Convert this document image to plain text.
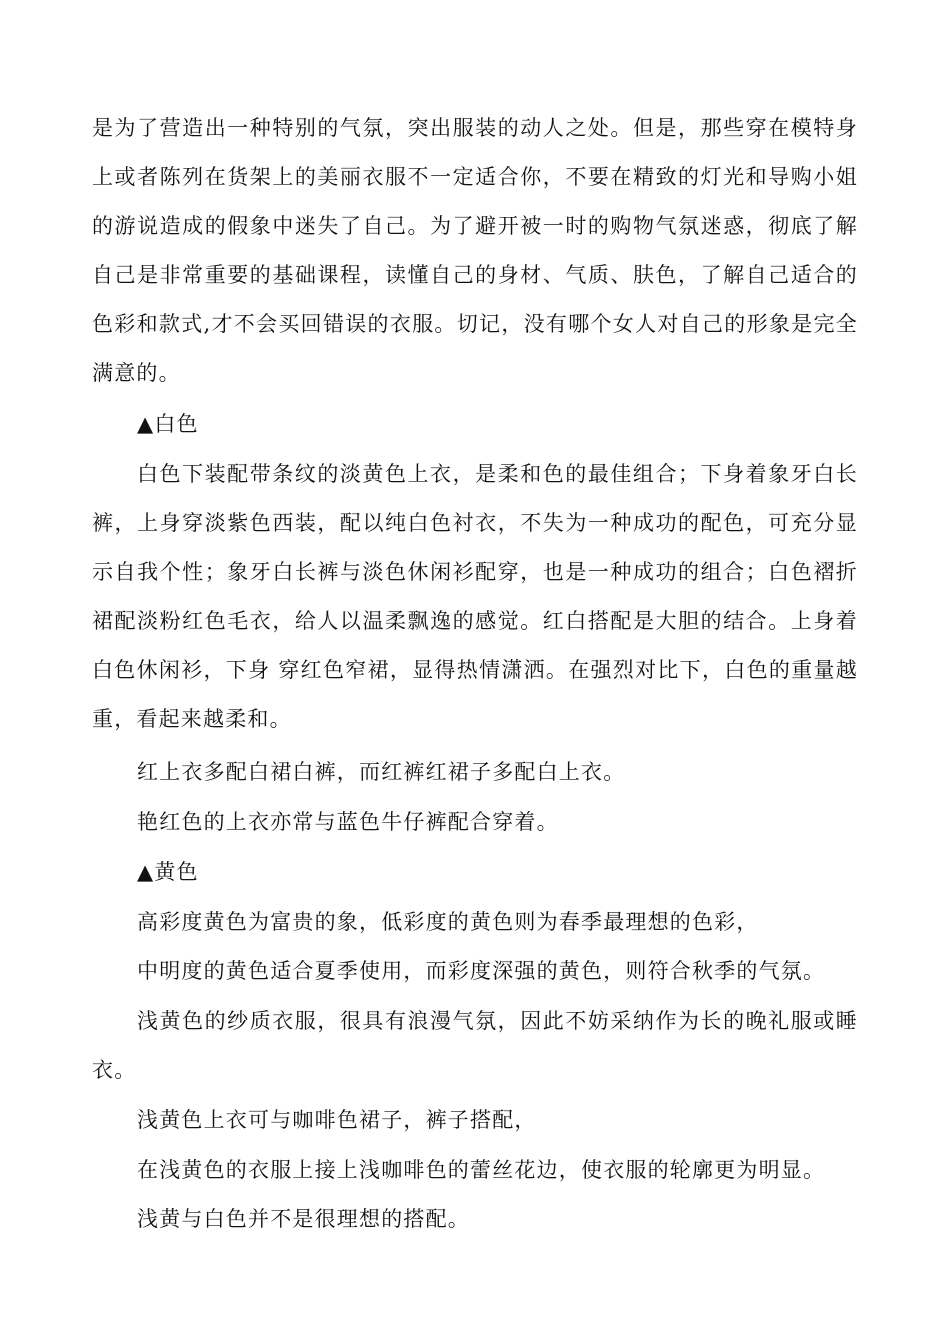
是为了营造出一种特别的气氛，突出服装的动人之处。但是，那些穿在模特身上或者陈列在货架上的美丽衣服不一定适合你，不要在精致的灯光和导购小姐的游说造成的假象中迷失了自己。为了避开被一时的购物气氛迷惑，彻底了解自己是非常重要的基础课程，读懂自己的身材、气质、肤色，了解自己适合的色彩和款式,才不会买回错误的衣服。切记，没有哪个女人对自己的形象是完全满意的。

▲白色

白色下装配带条纹的淡黄色上衣，是柔和色的最佳组合；下身着象牙白长裤，上身穿淡紫色西装，配以纯白色衬衣，不失为一种成功的配色，可充分显示自我个性；象牙白长裤与淡色休闲衫配穿，也是一种成功的组合；白色褶折裙配淡粉红色毛衣，给人以温柔飘逸的感觉。红白搭配是大胆的结合。上身着白色休闲衫，下身 穿红色窄裙，显得热情潇洒。在强烈对比下，白色的重量越重，看起来越柔和。

红上衣多配白裙白裤，而红裤红裙子多配白上衣。

艳红色的上衣亦常与蓝色牛仔裤配合穿着。

▲黄色

高彩度黄色为富贵的象，低彩度的黄色则为春季最理想的色彩，

中明度的黄色适合夏季使用，而彩度深强的黄色，则符合秋季的气氛。

浅黄色的纱质衣服，很具有浪漫气氛，因此不妨采纳作为长的晚礼服或睡衣。

浅黄色上衣可与咖啡色裙子，裤子搭配，

在浅黄色的衣服上接上浅咖啡色的蕾丝花边，使衣服的轮廓更为明显。

浅黄与白色并不是很理想的搭配。
